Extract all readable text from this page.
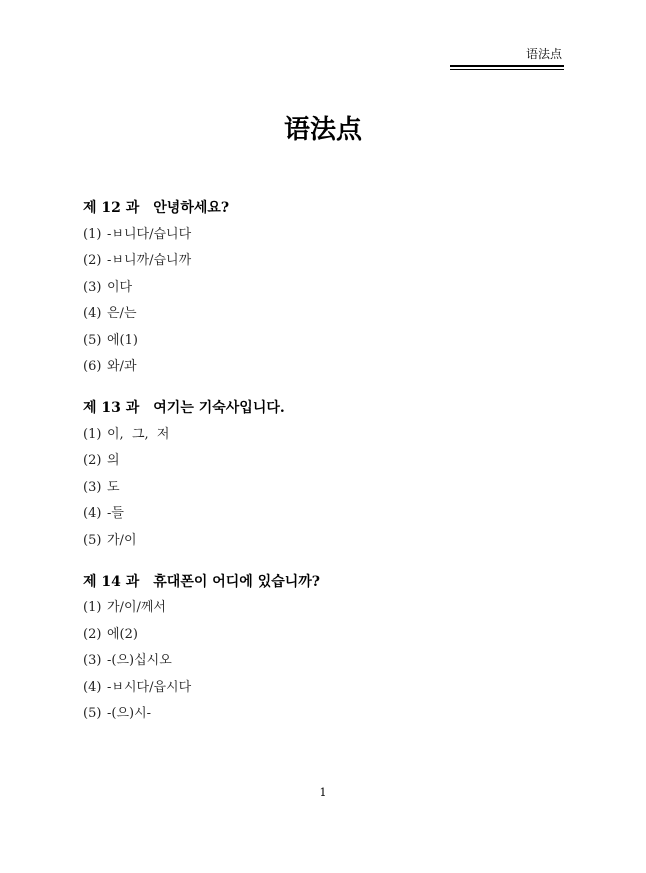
语法点
语法点
제 12 과 안녕하세요?
(1) -ㅂ니다/습니다
(2) -ㅂ니까/습니까
(3) 이다
(4) 은/는
(5) 에(1)
(6) 와/과
제 13 과 여기는 기숙사입니다.
(1) 이,  그,  저
(2) 의
(3) 도
(4) -들
(5) 가/이
제 14 과 휴대폰이 어디에 있습니까?
(1) 가/이/께서
(2) 에(2)
(3) -(으)십시오
(4) -ㅂ시다/읍시다
(5) -(으)시-
1
